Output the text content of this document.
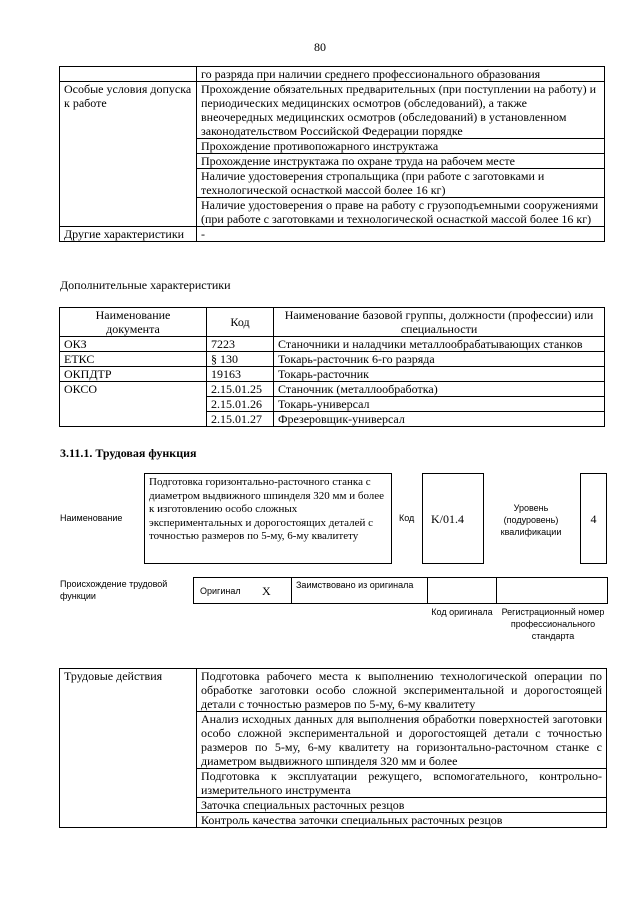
80
	го разряда при наличии среднего профессионального образования
Особые условия допуска к работе	Прохождение обязательных предварительных (при поступлении на работу) и периодических медицинских осмотров (обследований), а также внеочередных медицинских осмотров (обследований) в установленном законодательством Российской Федерации порядке
	Прохождение противопожарного инструктажа
	Прохождение инструктажа по охране труда на рабочем месте
	Наличие удостоверения стропальщика (при работе с заготовками и технологической оснасткой массой более 16 кг)
	Наличие удостоверения о праве на работу с грузоподъемными сооружениями (при работе с заготовками и технологической оснасткой массой более 16 кг)
Другие характеристики	-
Дополнительные характеристики
Наименование документа	Код	Наименование базовой группы, должности (профессии) или специальности
ОКЗ	7223	Станочники и наладчики металлообрабатывающих станков
ЕТКС	§ 130	Токарь-расточник 6-го разряда
ОКПДТР	19163	Токарь-расточник
ОКСО	2.15.01.25	Станочник (металлообработка)
	2.15.01.26	Токарь-универсал
	2.15.01.27	Фрезеровщик-универсал
3.11.1. Трудовая функция
Наименование
Подготовка горизонтально-расточного станка с диаметром выдвижного шпинделя 320 мм и более к изготовлению особо сложных экспериментальных и дорогостоящих деталей с точностью размеров по 5-му, 6-му квалитету
Код	K/01.4
Уровень (подуровень) квалификации
4
Происхождение трудовой функции	Оригинал X	Заимствовано из оригинала
Код оригинала Регистрационный номер профессионального стандарта
Трудовые действия	Подготовка рабочего места к выполнению технологической операции по обработке заготовки особо сложной экспериментальной и дорогостоящей детали с точностью размеров по 5-му, 6-му квалитету
Анализ исходных данных для выполнения обработки поверхностей заготовки особо сложной экспериментальной и дорогостоящей детали с точностью размеров по 5-му, 6-му квалитету на горизонтально-расточном станке с диаметром выдвижного шпинделя 320 мм и более
Подготовка к эксплуатации режущего, вспомогательного, контрольно-измерительного инструмента
Заточка специальных расточных резцов
Контроль качества заточки специальных расточных резцов
